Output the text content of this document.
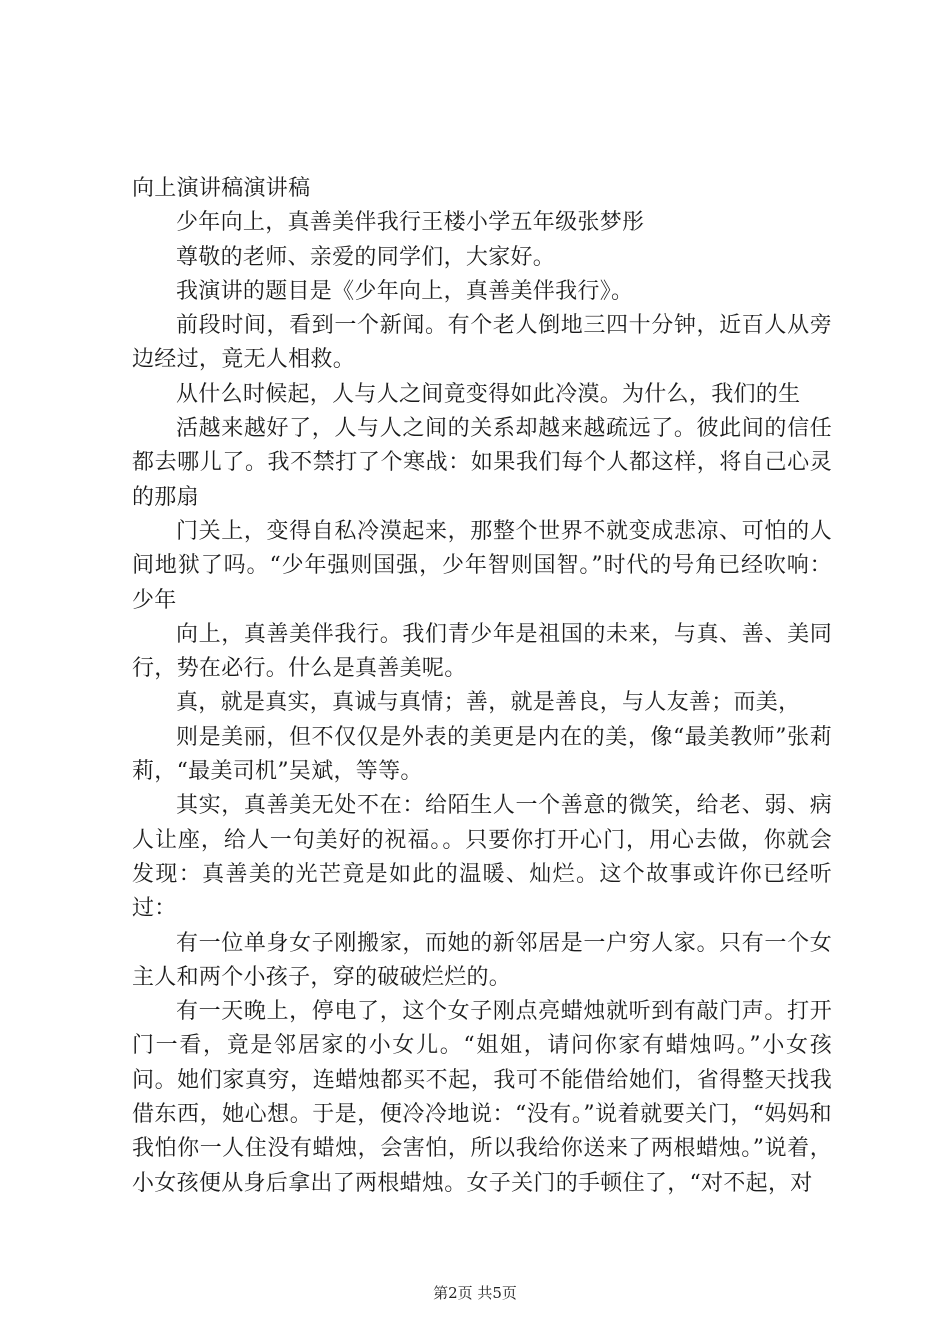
向上演讲稿演讲稿

少年向上，真善美伴我行王楼小学五年级张梦彤

尊敬的老师、亲爱的同学们，大家好。

我演讲的题目是《少年向上，真善美伴我行》。

前段时间，看到一个新闻。有个老人倒地三四十分钟，近百人从旁边经过，竟无人相救。

从什么时候起，人与人之间竟变得如此冷漠。为什么，我们的生

活越来越好了，人与人之间的关系却越来越疏远了。彼此间的信任都去哪儿了。我不禁打了个寒战：如果我们每个人都这样，将自己心灵的那扇

门关上，变得自私冷漠起来，那整个世界不就变成悲凉、可怕的人间地狱了吗。“少年强则国强，少年智则国智。”时代的号角已经吹响：少年

向上，真善美伴我行。我们青少年是祖国的未来，与真、善、美同行，势在必行。什么是真善美呢。

真，就是真实，真诚与真情；善，就是善良，与人友善；而美，

则是美丽，但不仅仅是外表的美更是内在的美，像“最美教师”张莉莉，“最美司机”吴斌，等等。

其实，真善美无处不在：给陌生人一个善意的微笑，给老、弱、病人让座，给人一句美好的祝福。。只要你打开心门，用心去做，你就会发现：真善美的光芒竟是如此的温暖、灿烂。这个故事或许你已经听过：

有一位单身女子刚搬家，而她的新邻居是一户穷人家。只有一个女主人和两个小孩子，穿的破破烂烂的。

有一天晚上，停电了，这个女子刚点亮蜡烛就听到有敲门声。打开门一看，竟是邻居家的小女儿。“姐姐，请问你家有蜡烛吗。”小女孩问。她们家真穷，连蜡烛都买不起，我可不能借给她们，省得整天找我借东西，她心想。于是，便冷冷地说：“没有。”说着就要关门，“妈妈和我怕你一人住没有蜡烛，会害怕，所以我给你送来了两根蜡烛。”说着，小女孩便从身后拿出了两根蜡烛。女子关门的手顿住了，“对不起，对

第2页 共5页
